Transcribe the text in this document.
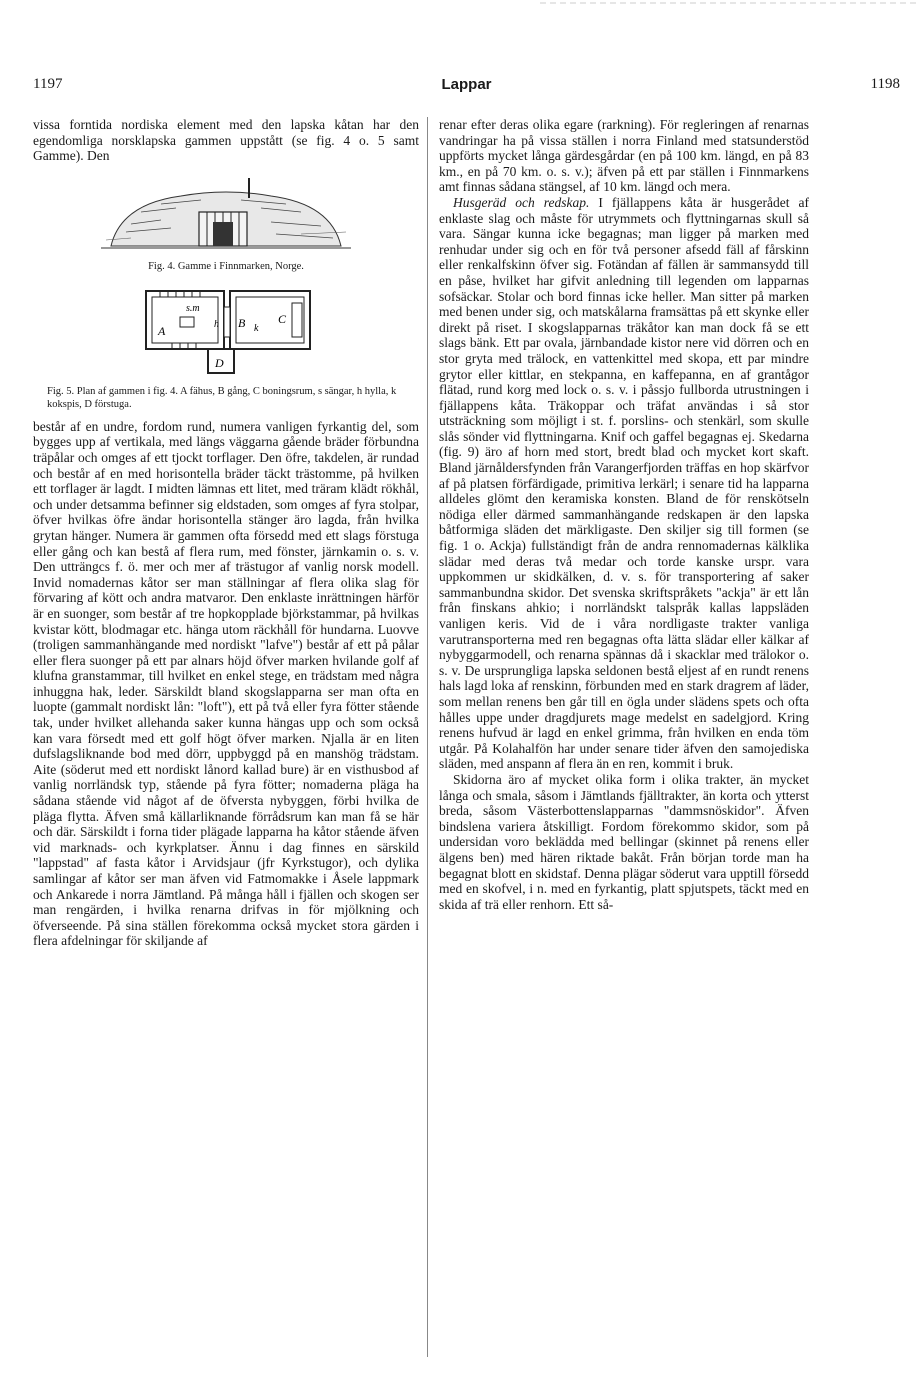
1197	Lappar	1198

vissa forntida nordiska element med den lapska kåtan har den egendomliga norsklapska gammen uppstått (se fig. 4 o. 5 samt Gamme). Den

Fig. 4. Gamme i Finnmarken, Norge.
s.m
A	h B k
C
D
Fig. 5. Plan af gammen i fig. 4. A fähus, B gång, C boningsrum, s sängar, h hylla, k kokspis, D förstuga.

består af en undre, fordom rund, numera vanligen fyrkantig del, som bygges upp af vertikala, med längs väggarna gående bräder förbundna träpålar och omges af ett tjockt torflager. Den öfre, takdelen, är rundad och består af en med horisontella bräder täckt trästomme, på hvilken ett torflager är lagdt. I midten lämnas ett litet, med träram klädt rökhål, och under detsamma befinner sig eldstaden, som omges af fyra stolpar, öfver hvilkas öfre ändar horisontella stänger äro lagda, från hvilka grytan hänger. Numera är gammen ofta försedd med ett slags förstuga eller gång och kan bestå af flera rum, med fönster, järnkamin o. s. v. Den utträngcs f. ö. mer och mer af trästugor af vanlig norsk modell. Invid nomadernas kåtor ser man ställningar af flera olika slag för förvaring af kött och andra matvaror. Den enklaste inrättningen härför är en suonger, som består af tre hopkopplade björkstammar, på hvilkas kvistar kött, blodmagar etc. hänga utom räckhåll för hundarna. Luovve (troligen sammanhängande med nordiskt "lafve") består af ett på pålar eller flera suonger på ett par alnars höjd öfver marken hvilande golf af klufna granstammar, till hvilket en enkel stege, en trädstam med några inhuggna hak, leder. Särskildt bland skogslapparna ser man ofta en luopte (gammalt nordiskt lån: "loft"), ett på två eller fyra fötter stående tak, under hvilket allehanda saker kunna hängas upp och som också kan vara försedt med ett golf högt öfver marken. Njalla är en liten dufslagsliknande bod med dörr, uppbyggd på en manshög trädstam. Aite (söderut med ett nordiskt lånord kallad bure) är en visthusbod af vanlig norrländsk typ, stående på fyra fötter; nomaderna pläga ha sådana stående vid något af de öfversta nybyggen, förbi hvilka de pläga flytta. Äfven små källarliknande förrådsrum kan man få se här och där. Särskildt i forna tider plägade lapparna ha kåtor stående äfven vid marknads- och kyrkplatser. Ännu i dag finnes en särskild "lappstad" af fasta kåtor i Arvidsjaur (jfr Kyrkstugor), och dylika samlingar af kåtor ser man äfven vid Fatmomakke i Åsele lappmark och Ankarede i norra Jämtland. På många håll i fjällen och skogen ser man rengärden, i hvilka renarna drifvas in för mjölkning och öfverseende. På sina ställen förekomma också mycket stora gärden i flera afdelningar för skiljande af

renar efter deras olika egare (rarkning). För regleringen af renarnas vandringar ha på vissa ställen i norra Finland med statsunderstöd uppförts mycket långa gärdesgårdar (en på 100 km. längd, en på 83 km., en på 70 km. o. s. v.); äfven på ett par ställen i Finnmarkens amt finnas sådana stängsel, af 10 km. längd och mera.

Husgeräd och redskap. I fjällappens kåta är husgerådet af enklaste slag och måste för utrymmets och flyttningarnas skull så vara. Sängar kunna icke begagnas; man ligger på marken med renhudar under sig och en för två personer afsedd fäll af fårskinn eller renkalfskinn öfver sig. Fotändan af fällen är sammansydd till en påse, hvilket har gifvit anledning till legenden om lapparnas sofsäckar. Stolar och bord finnas icke heller. Man sitter på marken med benen under sig, och matskålarna framsättas på ett skynke eller direkt på riset. I skogslapparnas träkåtor kan man dock få se ett slags bänk. Ett par ovala, järnbandade kistor nere vid dörren och en stor gryta med trälock, en vattenkittel med skopa, ett par mindre grytor eller kittlar, en stekpanna, en kaffepanna, en af grantågor flätad, rund korg med lock o. s. v. i påssjo fullborda utrustningen i fjällappens kåta. Träkoppar och träfat användas i så stor utsträckning som möjligt i st. f. porslins- och stenkärl, som skulle slås sönder vid flyttningarna. Knif och gaffel begagnas ej. Skedarna (fig. 9) äro af horn med stort, bredt blad och mycket kort skaft. Bland järnåldersfynden från Varangerfjorden träffas en hop skärfvor af på platsen förfärdigade, primitiva lerkärl; i senare tid ha lapparna alldeles glömt den keramiska konsten. Bland de för renskötseln nödiga eller därmed sammanhängande redskapen är den lapska båtformiga släden det märkligaste. Den skiljer sig till formen (se fig. 1 o. Ackja) fullständigt från de andra rennomadernas kälklika slädar med deras två medar och torde kanske urspr. vara uppkommen ur skidkälken, d. v. s. för transportering af saker sammanbundna skidor. Det svenska skriftspråkets "ackja" är ett lån från finskans ahkio; i norrländskt talspråk kallas lappsläden vanligen keris. Vid de i våra nordligaste trakter vanliga varutransporterna med ren begagnas ofta lätta slädar eller kälkar af nybyggarmodell, och renarna spännas då i skacklar med trälokor o. s. v. De ursprungliga lapska seldonen bestå eljest af en rundt renens hals lagd loka af renskinn, förbunden med en stark dragrem af läder, som mellan renens ben går till en ögla under slädens spets och ofta hålles uppe under dragdjurets mage medelst en sadelgjord. Kring renens hufvud är lagd en enkel grimma, från hvilken en enda töm utgår. På Kolahalfön har under senare tider äfven den samojediska släden, med anspann af flera än en ren, kommit i bruk.

Skidorna äro af mycket olika form i olika trakter, än mycket långa och smala, såsom i Jämtlands fjälltrakter, än korta och ytterst breda, såsom Västerbottenslapparnas "dammsnöskidor". Äfven bindslena variera åtskilligt. Fordom förekommo skidor, som på undersidan voro beklädda med bellingar (skinnet på renens eller älgens ben) med hären riktade bakåt. Från början torde man ha begagnat blott en skidstaf. Denna plägar söderut vara upptill försedd med en skofvel, i n. med en fyrkantig, platt spjutspets, täckt med en skida af trä eller renhorn. Ett så-
